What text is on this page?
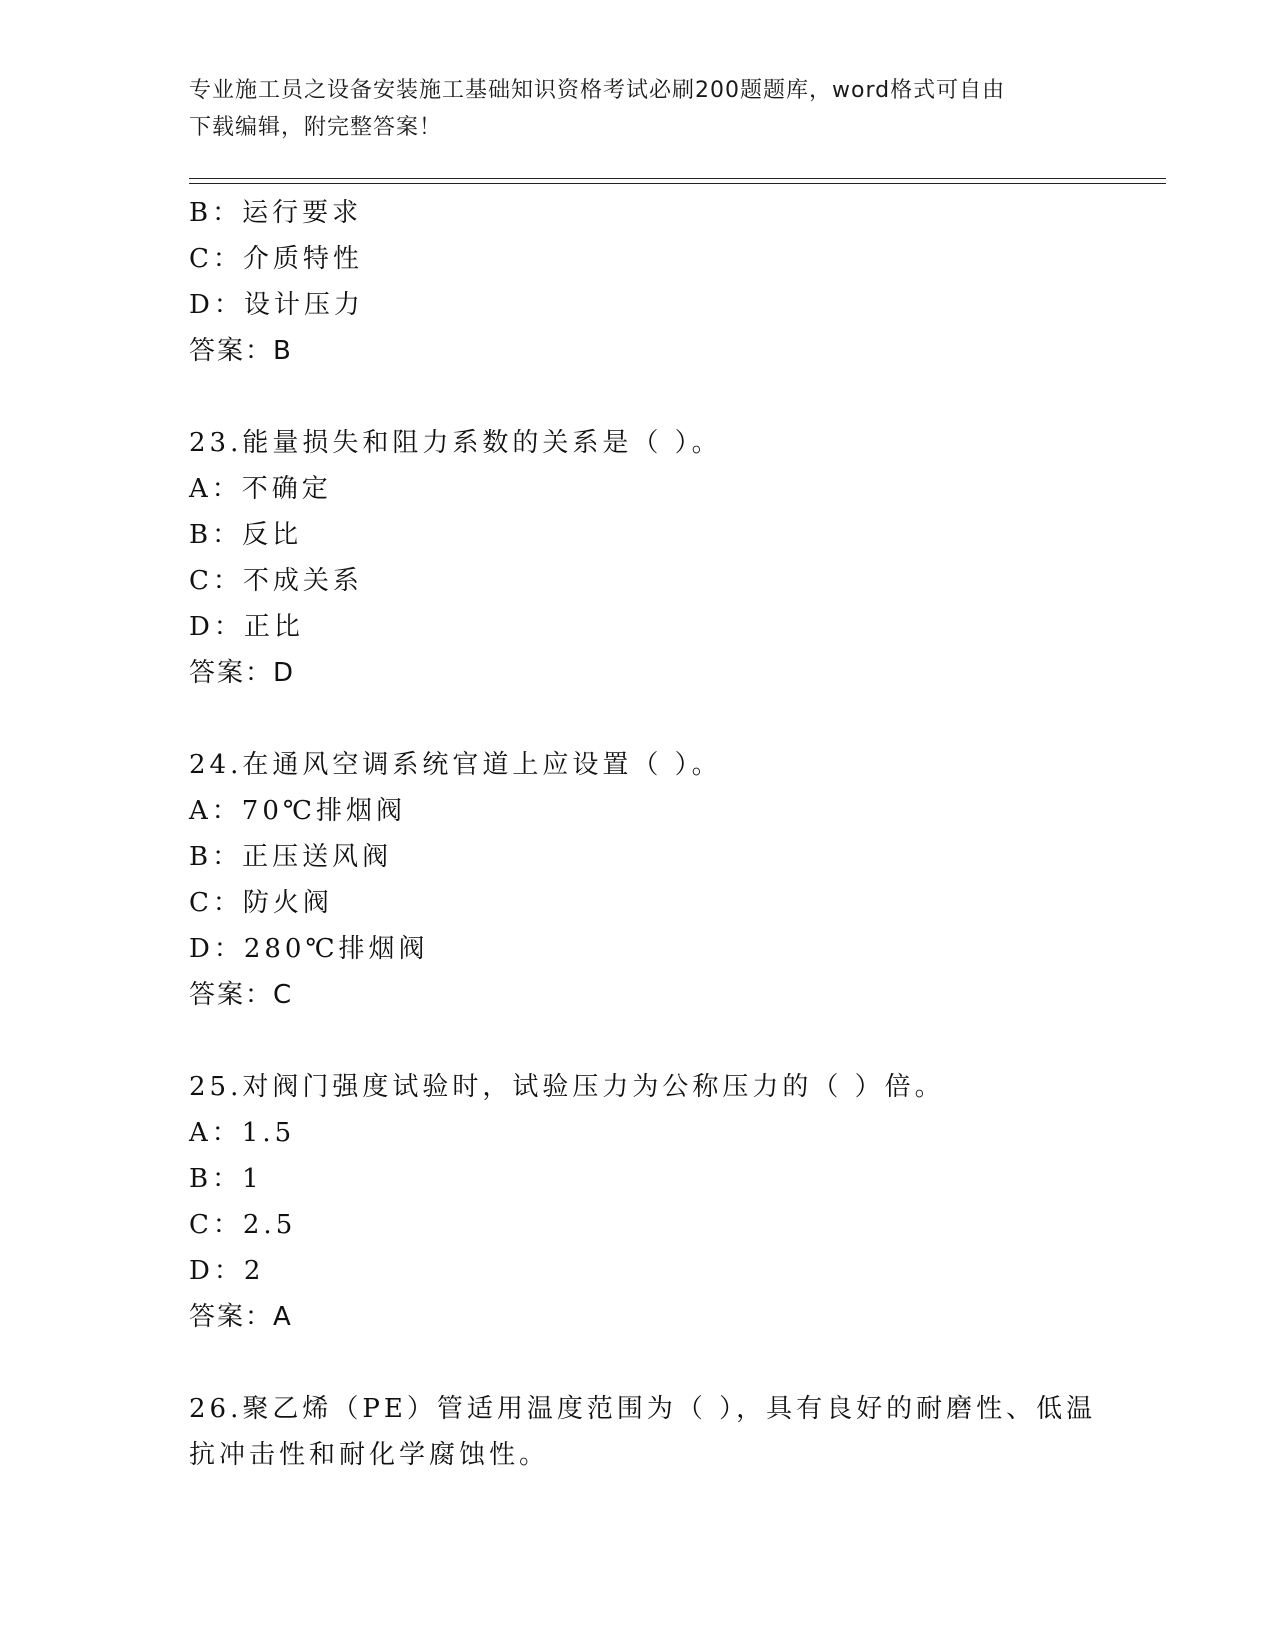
专业施工员之设备安装施工基础知识资格考试必刷200题题库，word格式可自由
下载编辑，附完整答案！
B：运行要求
C：介质特性
D：设计压力
答案：B
23.能量损失和阻力系数的关系是（ ）。
A：不确定
B：反比
C：不成关系
D：正比
答案：D
24.在通风空调系统官道上应设置（ ）。
A：70℃排烟阀
B：正压送风阀
C：防火阀
D：280℃排烟阀
答案：C
25.对阀门强度试验时，试验压力为公称压力的（ ）倍。
A：1.5
B：1
C：2.5
D：2
答案：A
26.聚乙烯（PE）管适用温度范围为（ ），具有良好的耐磨性、低温
抗冲击性和耐化学腐蚀性。
